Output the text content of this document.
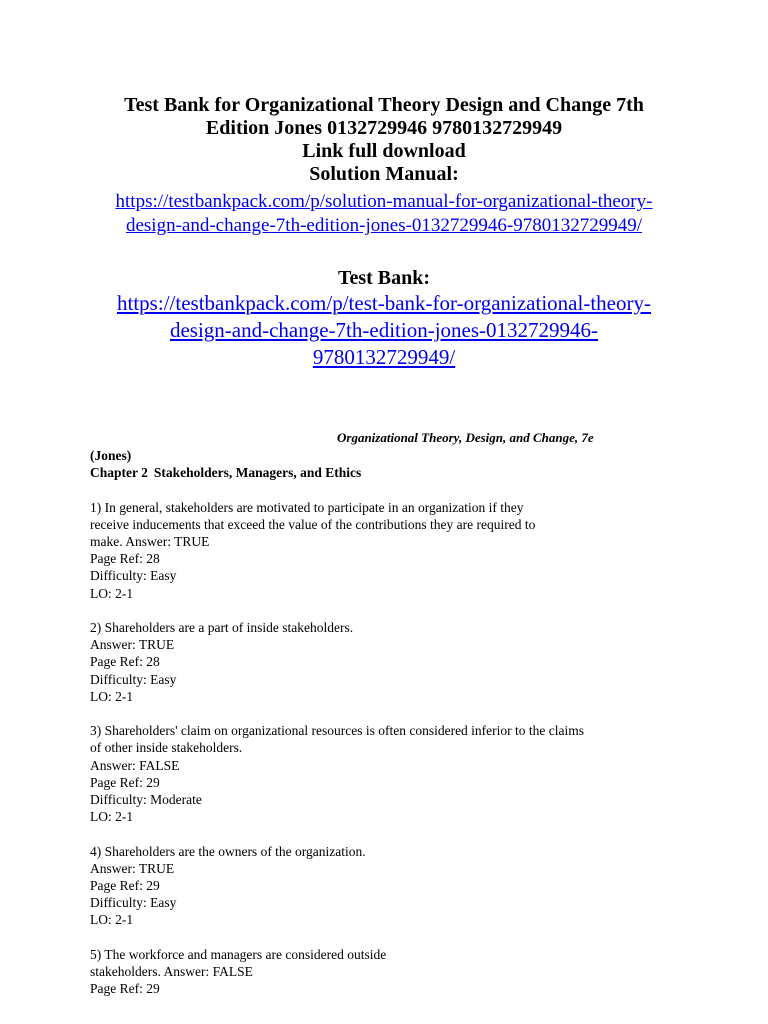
Test Bank for Organizational Theory Design and Change 7th
Edition Jones 0132729946 9780132729949
Link full download
Solution Manual:
https://testbankpack.com/p/solution-manual-for-organizational-theory-
design-and-change-7th-edition-jones-0132729946-9780132729949/
Test Bank:
https://testbankpack.com/p/test-bank-for-organizational-theory-
design-and-change-7th-edition-jones-0132729946-
9780132729949/
Organizational Theory, Design, and Change, 7e
(Jones)
Chapter 2 Stakeholders, Managers, and Ethics
1) In general, stakeholders are motivated to participate in an organization if they
receive inducements that exceed the value of the contributions they are required to
make. Answer: TRUE
Page Ref: 28
Difficulty: Easy
LO: 2-1
2) Shareholders are a part of inside stakeholders.
Answer: TRUE
Page Ref: 28
Difficulty: Easy
LO: 2-1
3) Shareholders' claim on organizational resources is often considered inferior to the claims
of other inside stakeholders.
Answer: FALSE
Page Ref: 29
Difficulty: Moderate
LO: 2-1
4) Shareholders are the owners of the organization.
Answer: TRUE
Page Ref: 29
Difficulty: Easy
LO: 2-1
5) The workforce and managers are considered outside
stakeholders. Answer: FALSE
Page Ref: 29
